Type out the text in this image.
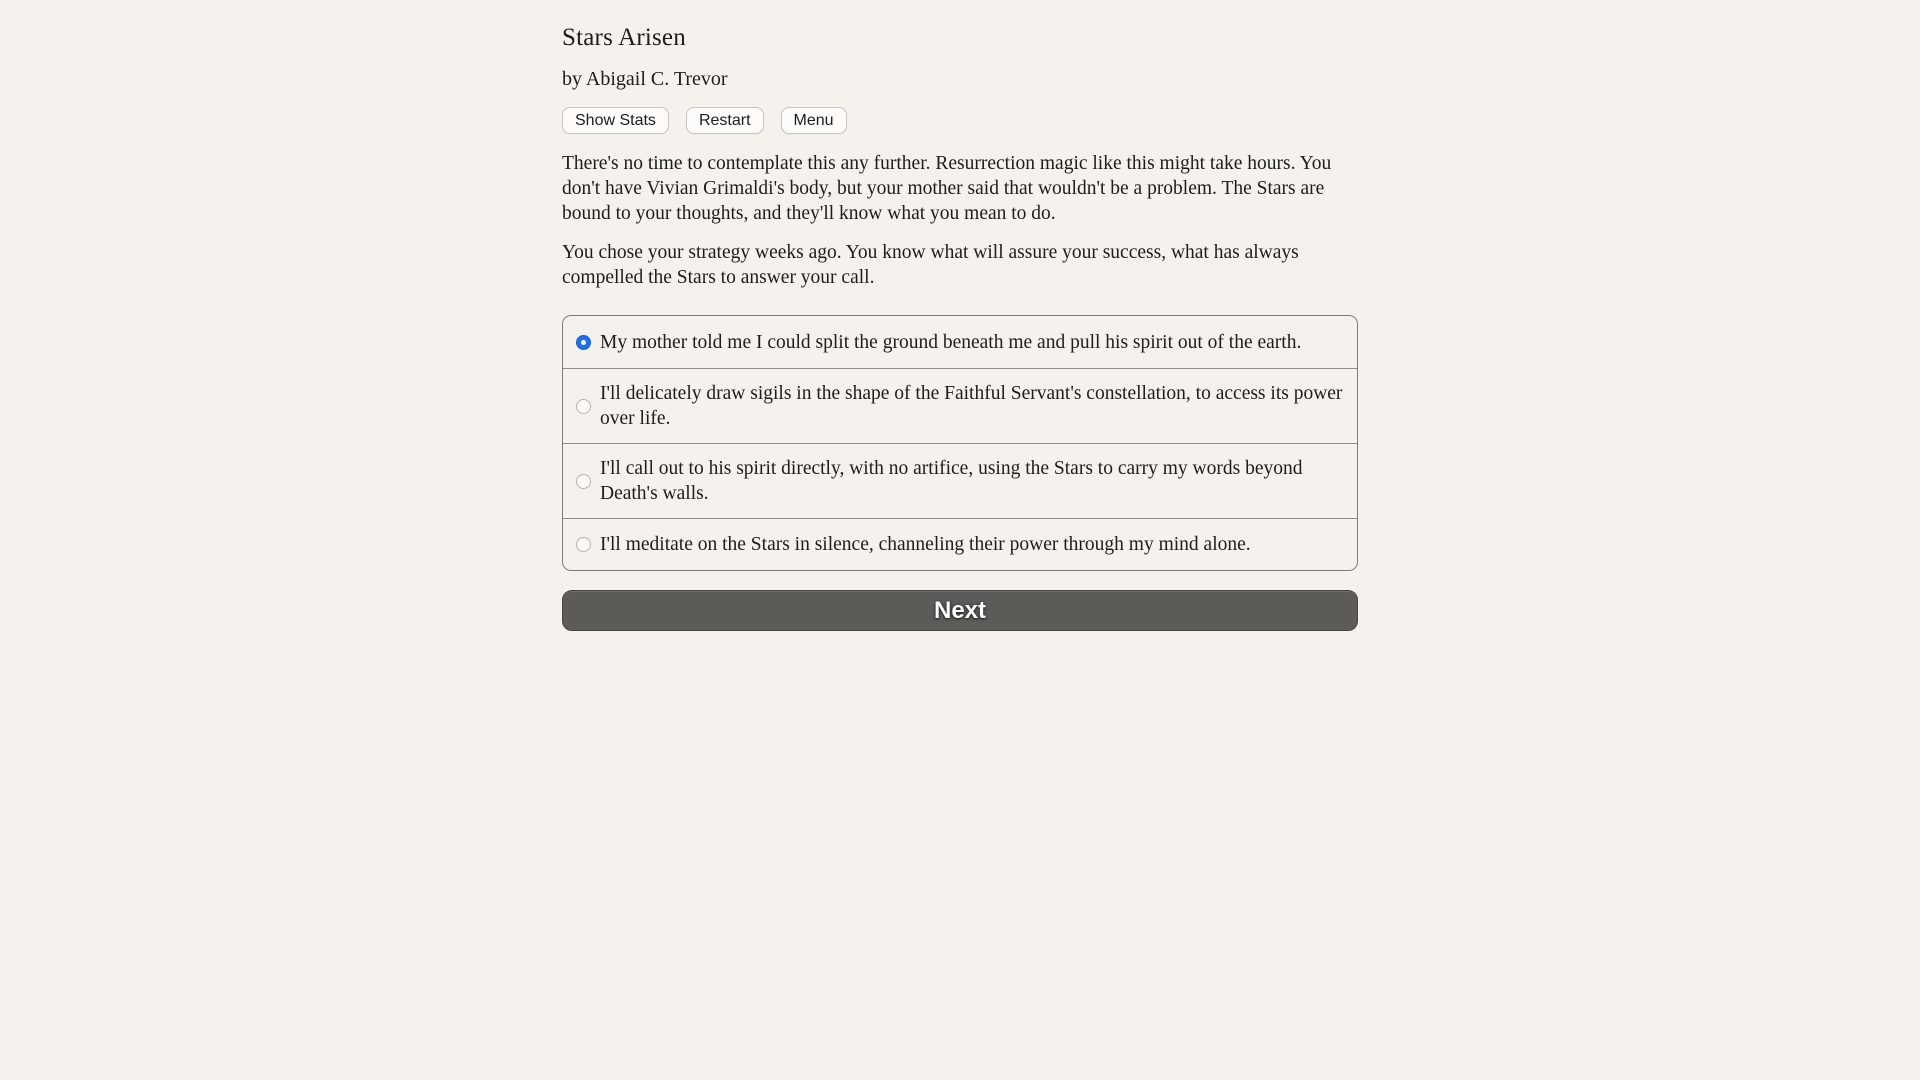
Stars Arisen
by Abigail C. Trevor
Show Stats	Restart	Menu

There's no time to contemplate this any further. Resurrection magic like this might take hours. You don't have Vivian Grimaldi's body, but your mother said that wouldn't be a problem. The Stars are bound to your thoughts, and they'll know what you mean to do.

You chose your strategy weeks ago. You know what will assure your success, what has always compelled the Stars to answer your call.

My mother told me I could split the ground beneath me and pull his spirit out of the earth.
I'll delicately draw sigils in the shape of the Faithful Servant's constellation, to access its power over life.
I'll call out to his spirit directly, with no artifice, using the Stars to carry my words beyond Death's walls.
I'll meditate on the Stars in silence, channeling their power through my mind alone.
Next
